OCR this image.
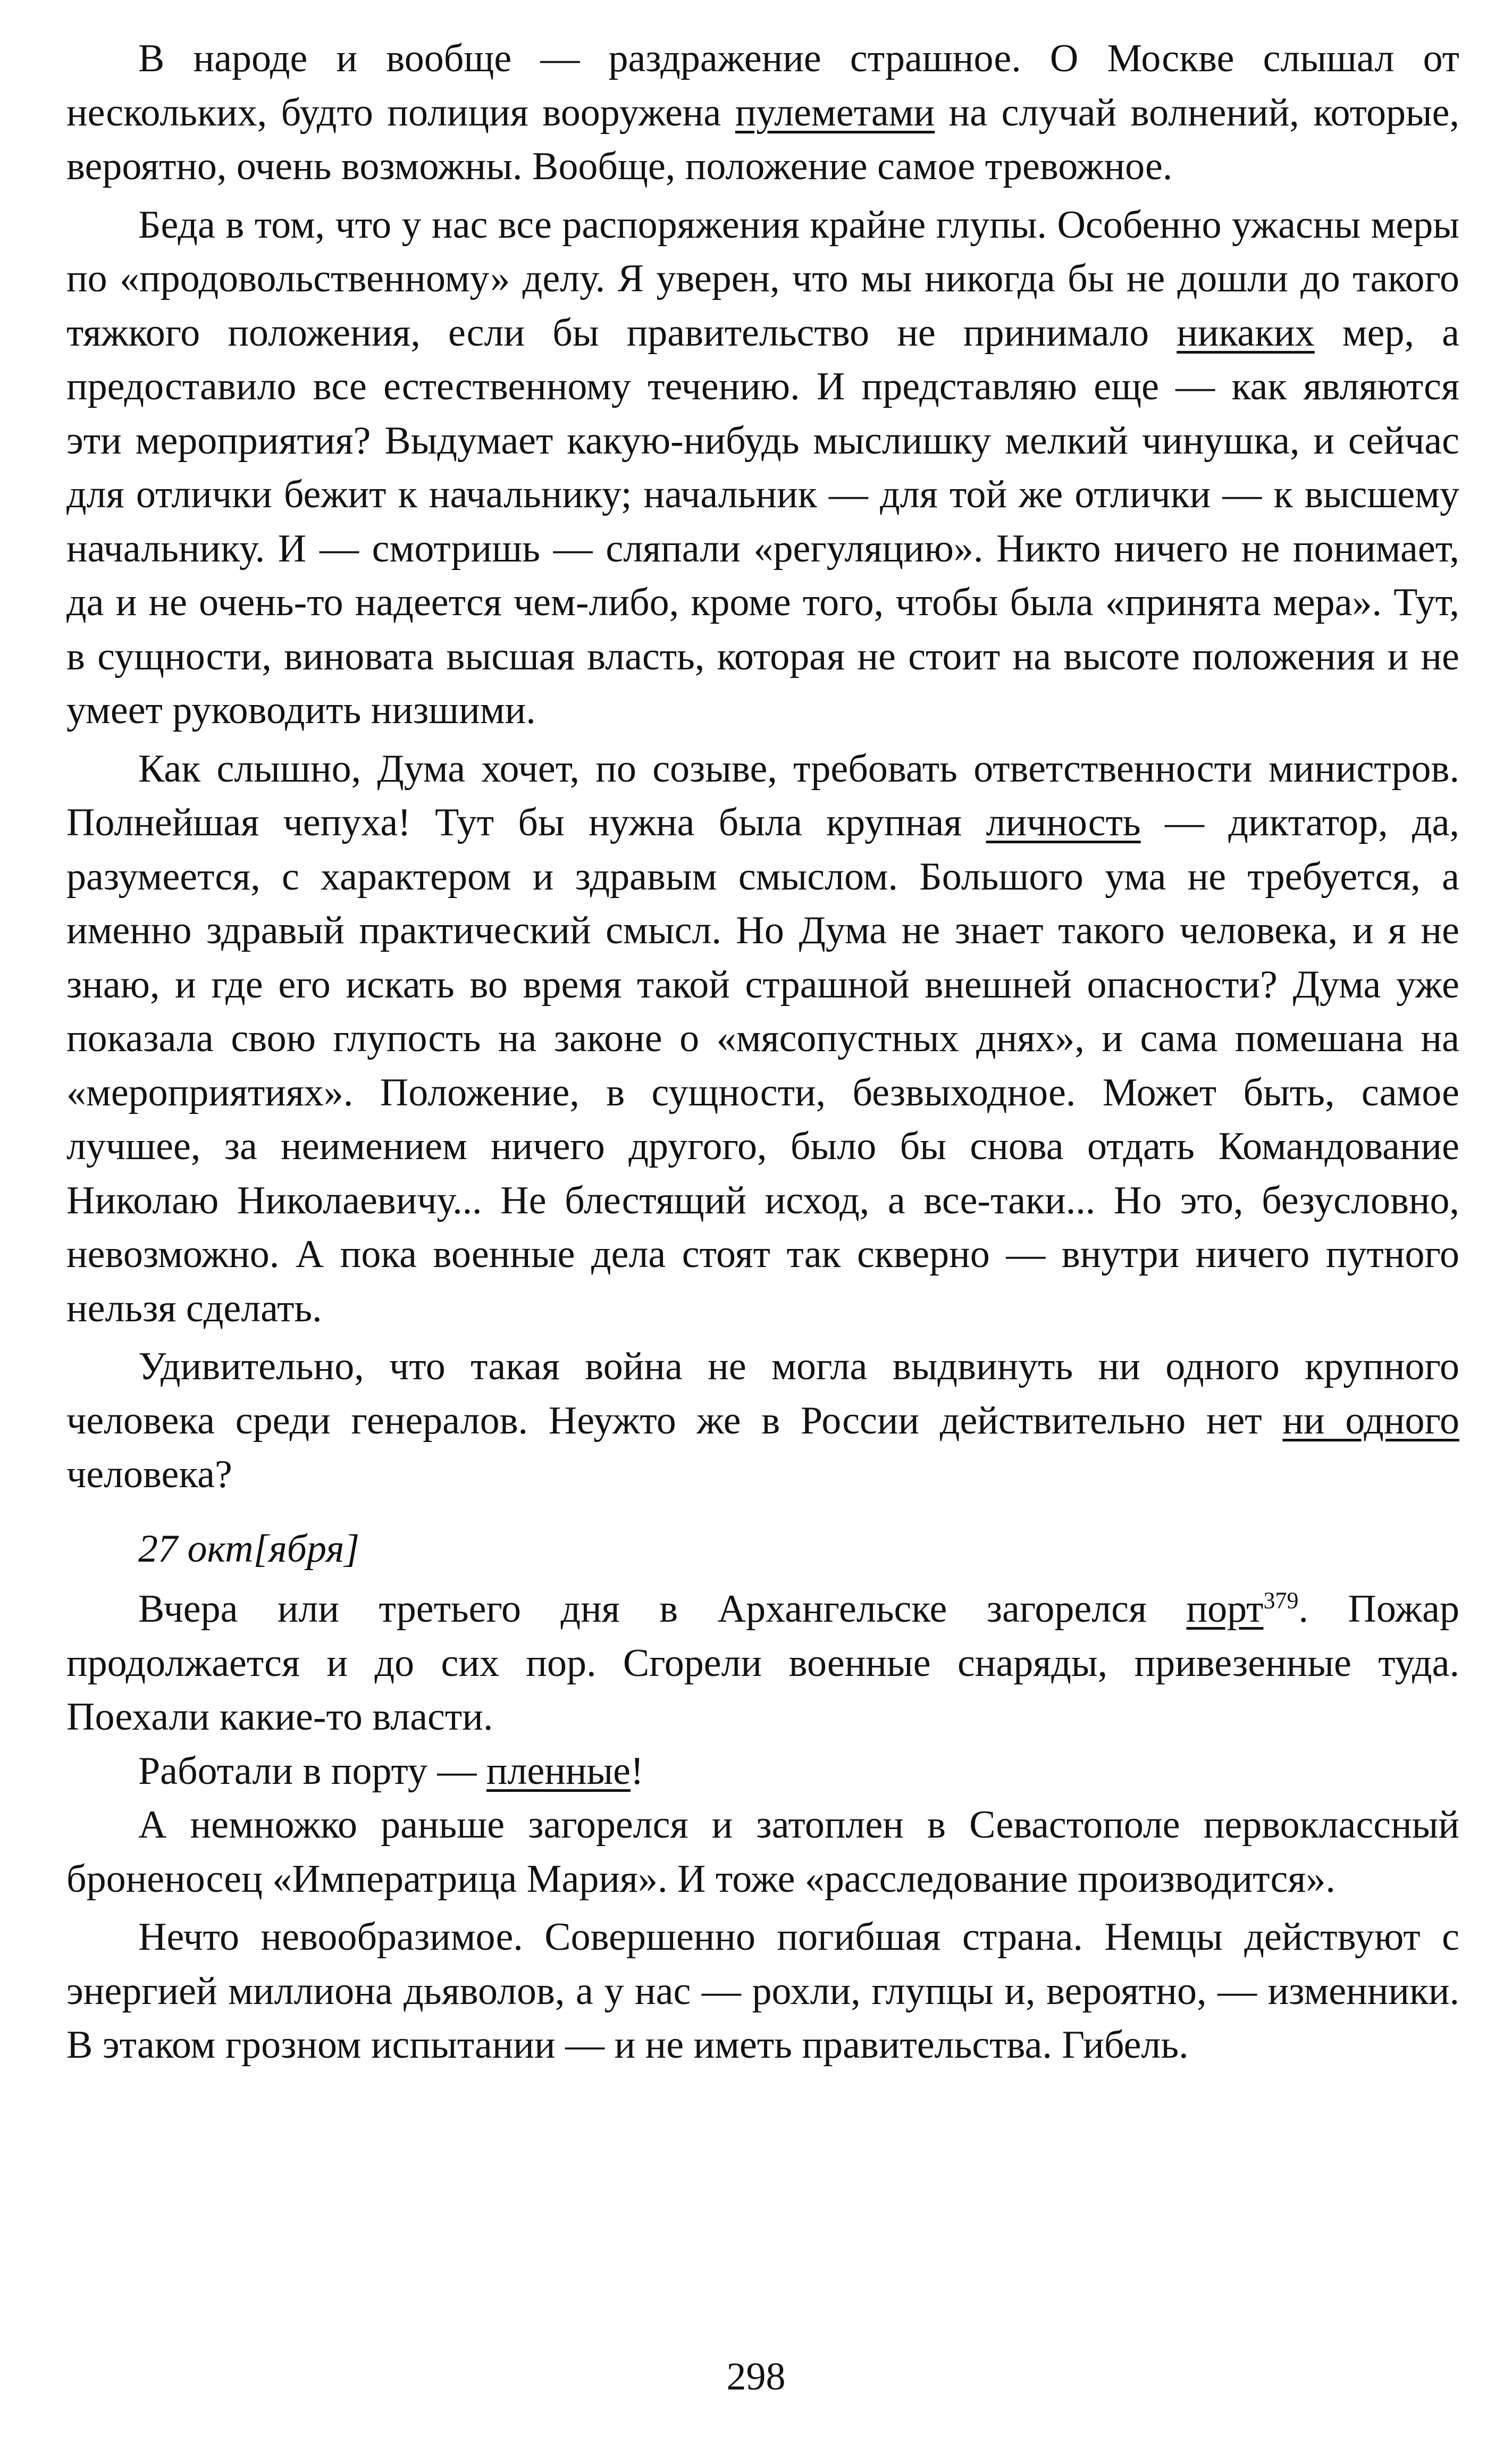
В народе и вообще — раздражение страшное. О Москве слышал от нескольких, будто полиция вооружена пулеметами на случай волнений, которые, вероятно, очень возможны. Вообще, положение самое тревожное.

Беда в том, что у нас все распоряжения крайне глупы. Особенно ужасны меры по «продовольственному» делу. Я уверен, что мы никогда бы не дошли до такого тяжкого положения, если бы правительство не принимало никаких мер, а предоставило все естественному течению. И представляю еще — как являются эти мероприятия? Выдумает какую-нибудь мыслишку мелкий чинушка, и сейчас для отлички бежит к начальнику; начальник — для той же отлички — к высшему начальнику. И — смотришь — сляпали «регуляцию». Никто ничего не понимает, да и не очень-то надеется чем-либо, кроме того, чтобы была «принята мера». Тут, в сущности, виновата высшая власть, которая не стоит на высоте положения и не умеет руководить низшими.

Как слышно, Дума хочет, по созыве, требовать ответственности министров. Полнейшая чепуха! Тут бы нужна была крупная личность — диктатор, да, разумеется, с характером и здравым смыслом. Большого ума не требуется, а именно здравый практический смысл. Но Дума не знает такого человека, и я не знаю, и где его искать во время такой страшной внешней опасности? Дума уже показала свою глупость на законе о «мясопустных днях», и сама помешана на «мероприятиях». Положение, в сущности, безвыходное. Может быть, самое лучшее, за неимением ничего другого, было бы снова отдать Командование Николаю Николаевичу... Не блестящий исход, а все-таки... Но это, безусловно, невозможно. А пока военные дела стоят так скверно — внутри ничего путного нельзя сделать.

Удивительно, что такая война не могла выдвинуть ни одного крупного человека среди генералов. Неужто же в России действительно нет ни одного человека?

27 окт[ября]

Вчера или третьего дня в Архангельске загорелся порт$^{379}$. Пожар продолжается и до сих пор. Сгорели военные снаряды, привезенные туда. Поехали какие-то власти.

Работали в порту — пленные!

А немножко раньше загорелся и затоплен в Севастополе первоклассный броненосец «Императрица Мария». И тоже «расследование производится».

Нечто невообразимое. Совершенно погибшая страна. Немцы действуют с энергией миллиона дьяволов, а у нас — рохли, глупцы и, вероятно, — изменники. В этаком грозном испытании — и не иметь правительства. Гибель.

298
